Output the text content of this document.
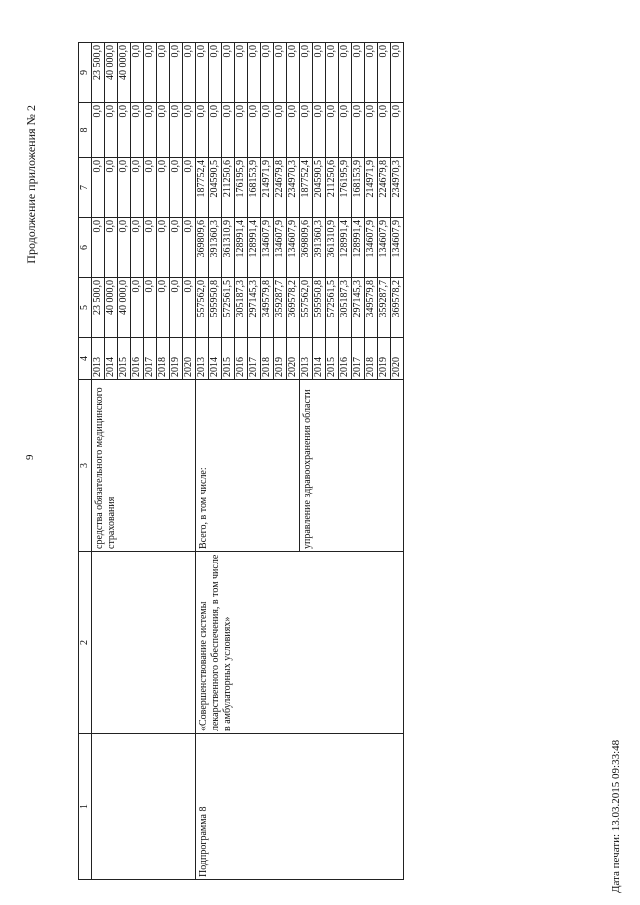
9
Продолжение приложения № 2
1	2	3	4	5	6	7	8	9
		средства обязательного медицинского страхования	2013	23 500,0	0,0	0,0	0,0	23 500,0
			2014	40 000,0	0,0	0,0	0,0	40 000,0
			2015	40 000,0	0,0	0,0	0,0	40 000,0
			2016	0,0	0,0	0,0	0,0	0,0
			2017	0,0	0,0	0,0	0,0	0,0
			2018	0,0	0,0	0,0	0,0	0,0
			2019	0,0	0,0	0,0	0,0	0,0
			2020	0,0	0,0	0,0	0,0	0,0
Подпрограмма 8	«Совершенствование системы лекарственного обеспечения, в том числе в амбулаторных условиях»	Всего, в том числе:	2013	557562,0	369809,6	187752,4	0,0	0,0
			2014	595950,8	391360,3	204590,5	0,0	0,0
			2015	572561,5	361310,9	211250,6	0,0	0,0
			2016	305187,3	128991,4	176195,9	0,0	0,0
			2017	297145,3	128991,4	168153,9	0,0	0,0
			2018	349579,8	134607,9	214971,9	0,0	0,0
			2019	359287,7	134607,9	224679,8	0,0	0,0
			2020	369578,2	134607,9	234970,3	0,0	0,0
		управление здравоохранения области	2013	557562,0	369809,6	187752,4	0,0	0,0
			2014	595950,8	391360,3	204590,5	0,0	0,0
			2015	572561,5	361310,9	211250,6	0,0	0,0
			2016	305187,3	128991,4	176195,9	0,0	0,0
			2017	297145,3	128991,4	168153,9	0,0	0,0
			2018	349579,8	134607,9	214971,9	0,0	0,0
			2019	359287,7	134607,9	224679,8	0,0	0,0
			2020	369578,2	134607,9	234970,3	0,0	0,0
Дата печати: 13.03.2015 09:33:48
